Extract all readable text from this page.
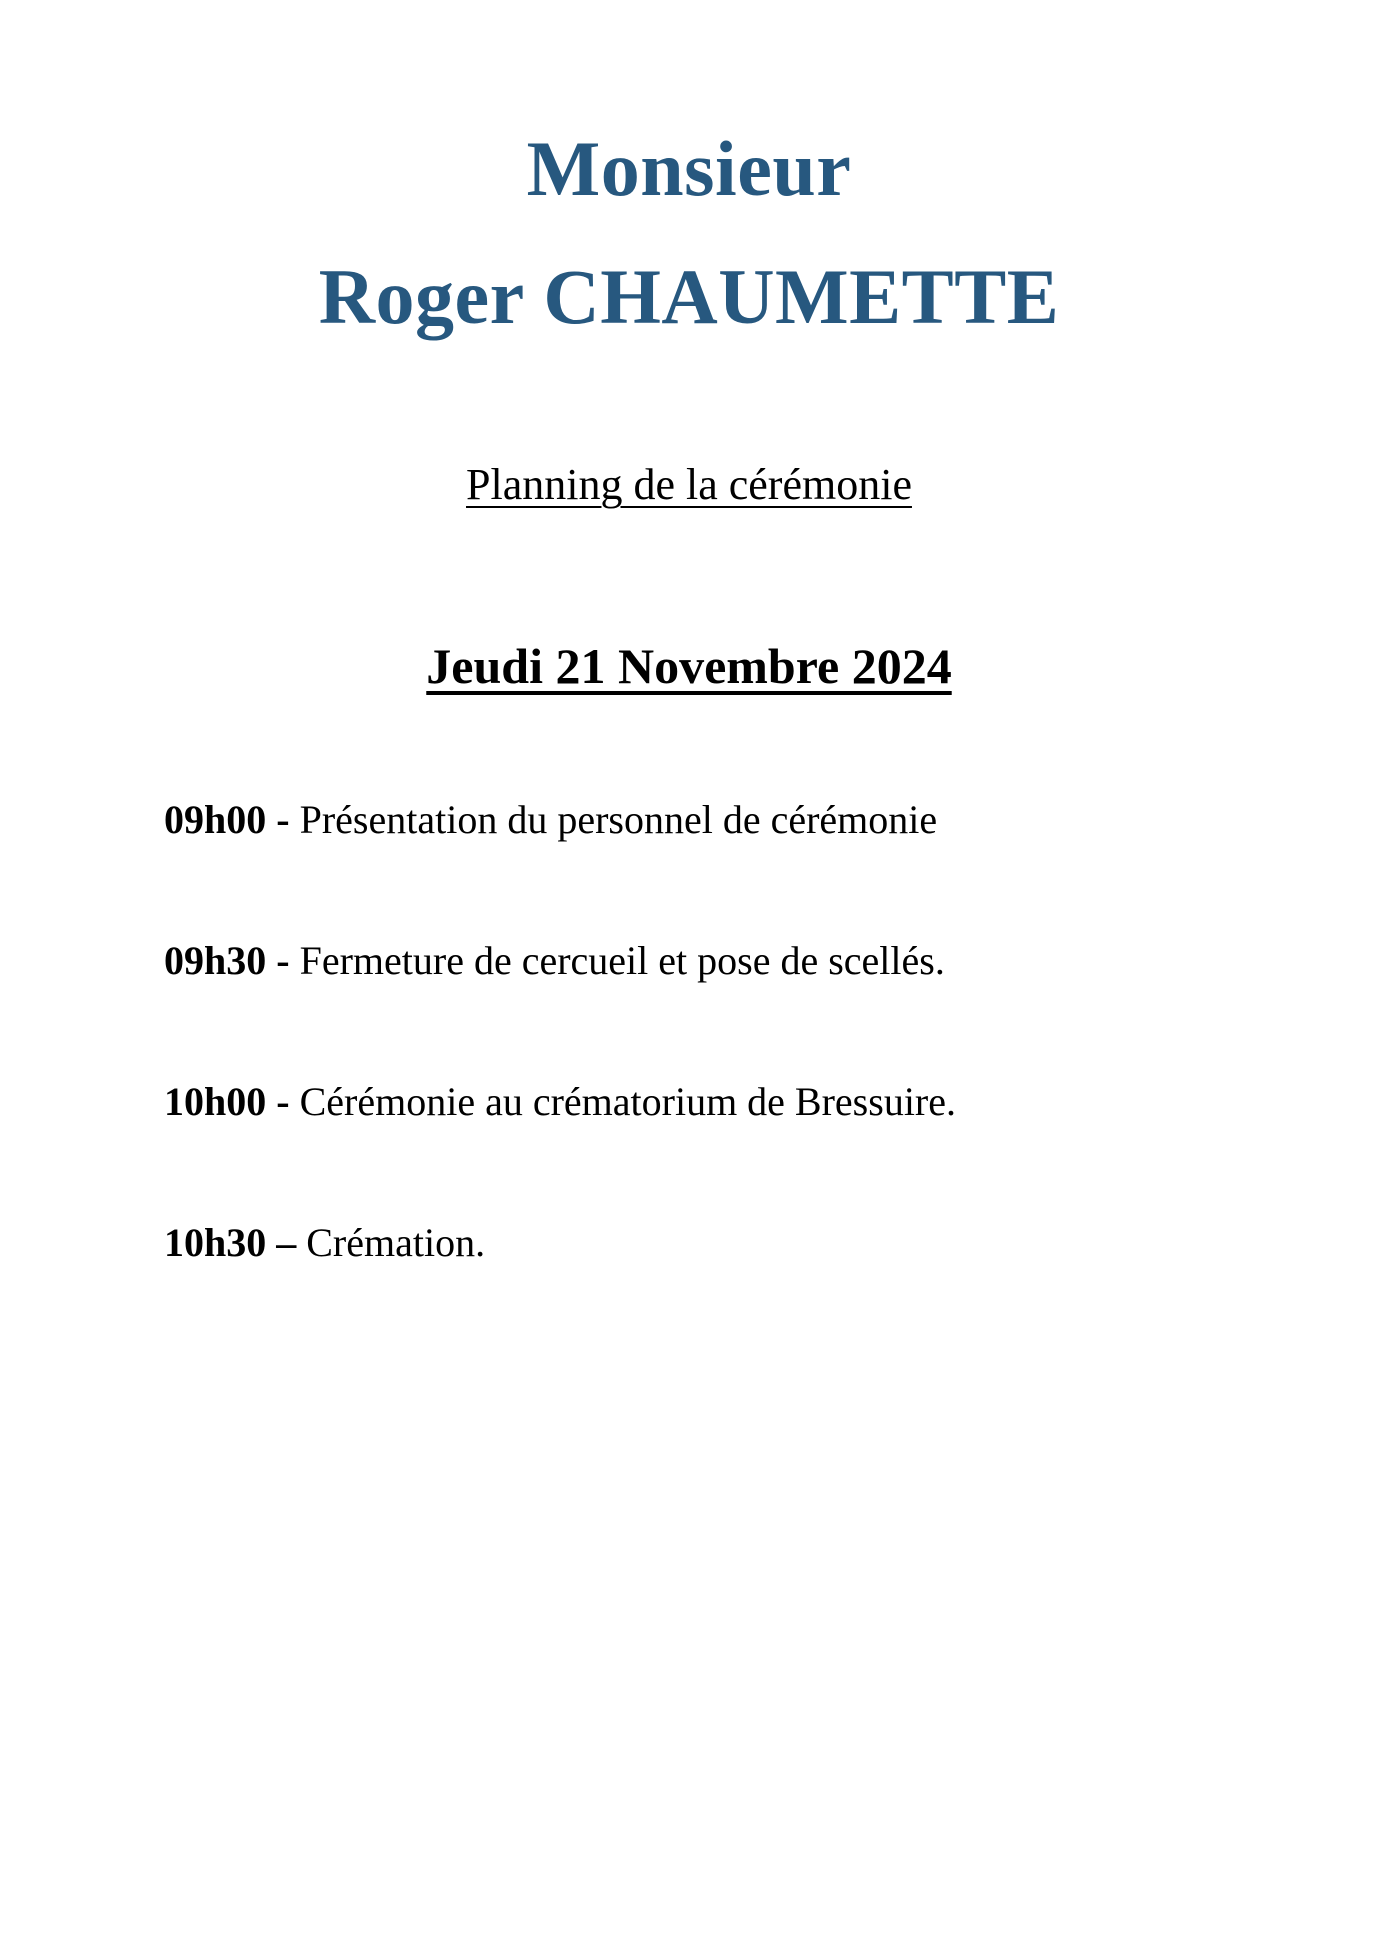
Monsieur
Roger CHAUMETTE
Planning de la cérémonie
Jeudi 21 Novembre 2024

09h00 - Présentation du personnel de cérémonie

09h30 - Fermeture de cercueil et pose de scellés.

10h00 - Cérémonie au crématorium de Bressuire.

10h30 – Crémation.
